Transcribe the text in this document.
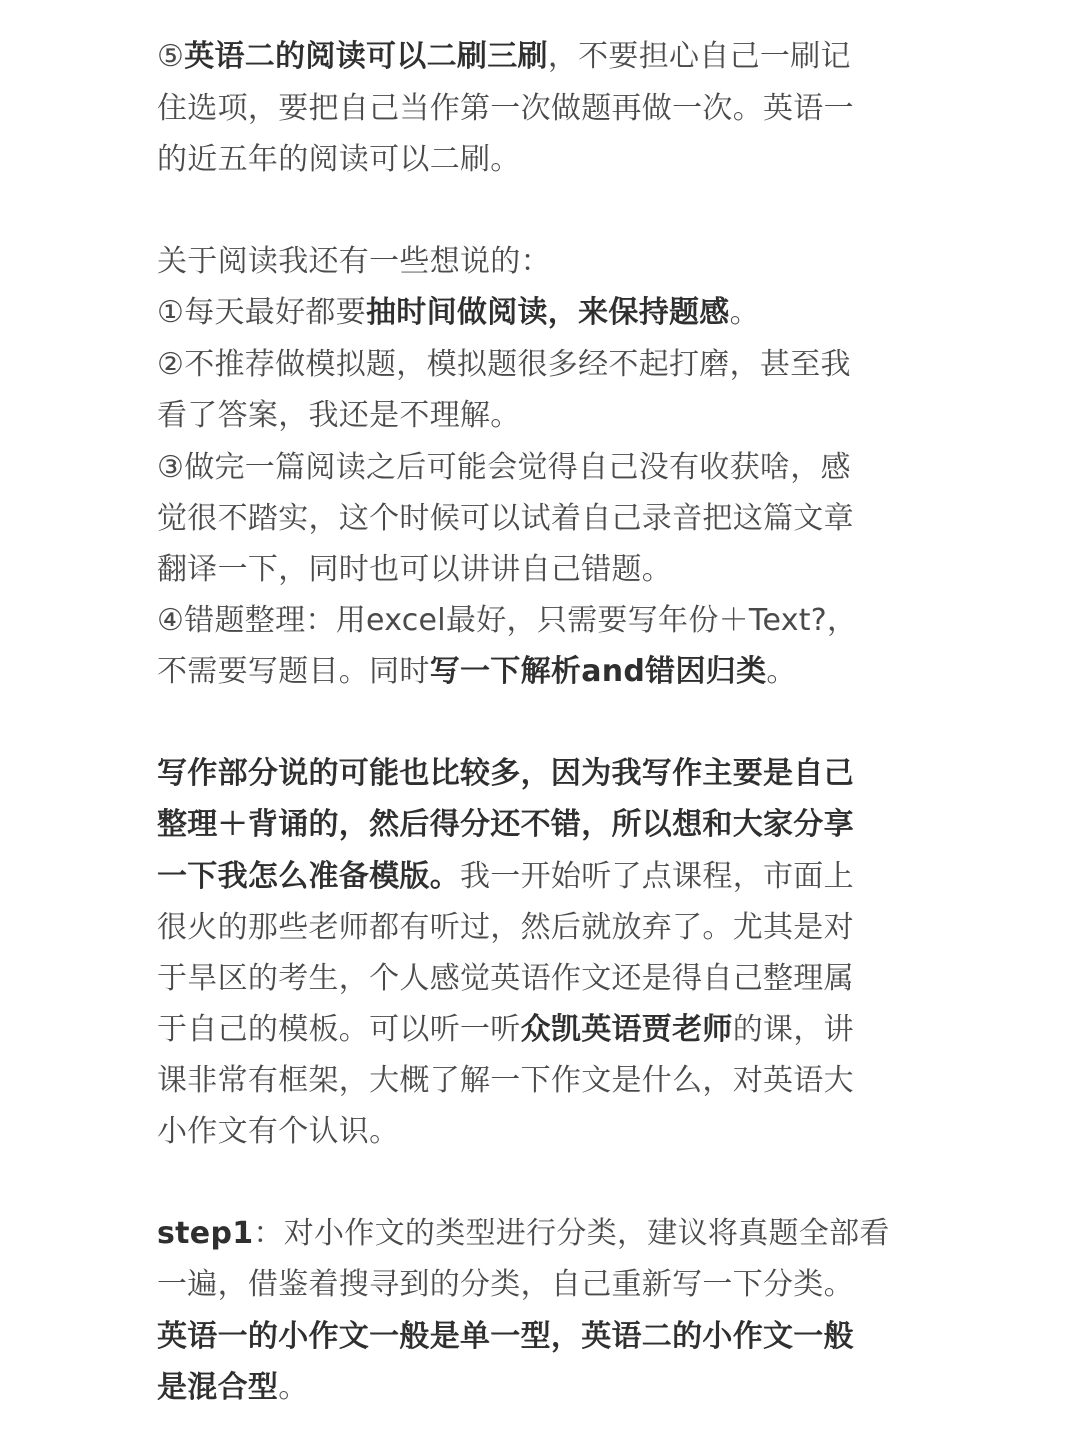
⑤英语二的阅读可以二刷三刷，不要担心自己一刷记
住选项，要把自己当作第一次做题再做一次。英语一
的近五年的阅读可以二刷。
关于阅读我还有一些想说的：
①每天最好都要抽时间做阅读，来保持题感。
②不推荐做模拟题，模拟题很多经不起打磨，甚至我
看了答案，我还是不理解。
③做完一篇阅读之后可能会觉得自己没有收获啥，感
觉很不踏实，这个时候可以试着自己录音把这篇文章
翻译一下，同时也可以讲讲自己错题。
④错题整理：用excel最好，只需要写年份＋Text?，
不需要写题目。同时写一下解析and错因归类。
写作部分说的可能也比较多，因为我写作主要是自己
整理＋背诵的，然后得分还不错，所以想和大家分享
一下我怎么准备模版。我一开始听了点课程，市面上
很火的那些老师都有听过，然后就放弃了。尤其是对
于旱区的考生，个人感觉英语作文还是得自己整理属
于自己的模板。可以听一听众凯英语贾老师的课，讲
课非常有框架，大概了解一下作文是什么，对英语大
小作文有个认识。
step1：对小作文的类型进行分类，建议将真题全部看
一遍，借鉴着搜寻到的分类，自己重新写一下分类。
英语一的小作文一般是单一型，英语二的小作文一般
是混合型。
